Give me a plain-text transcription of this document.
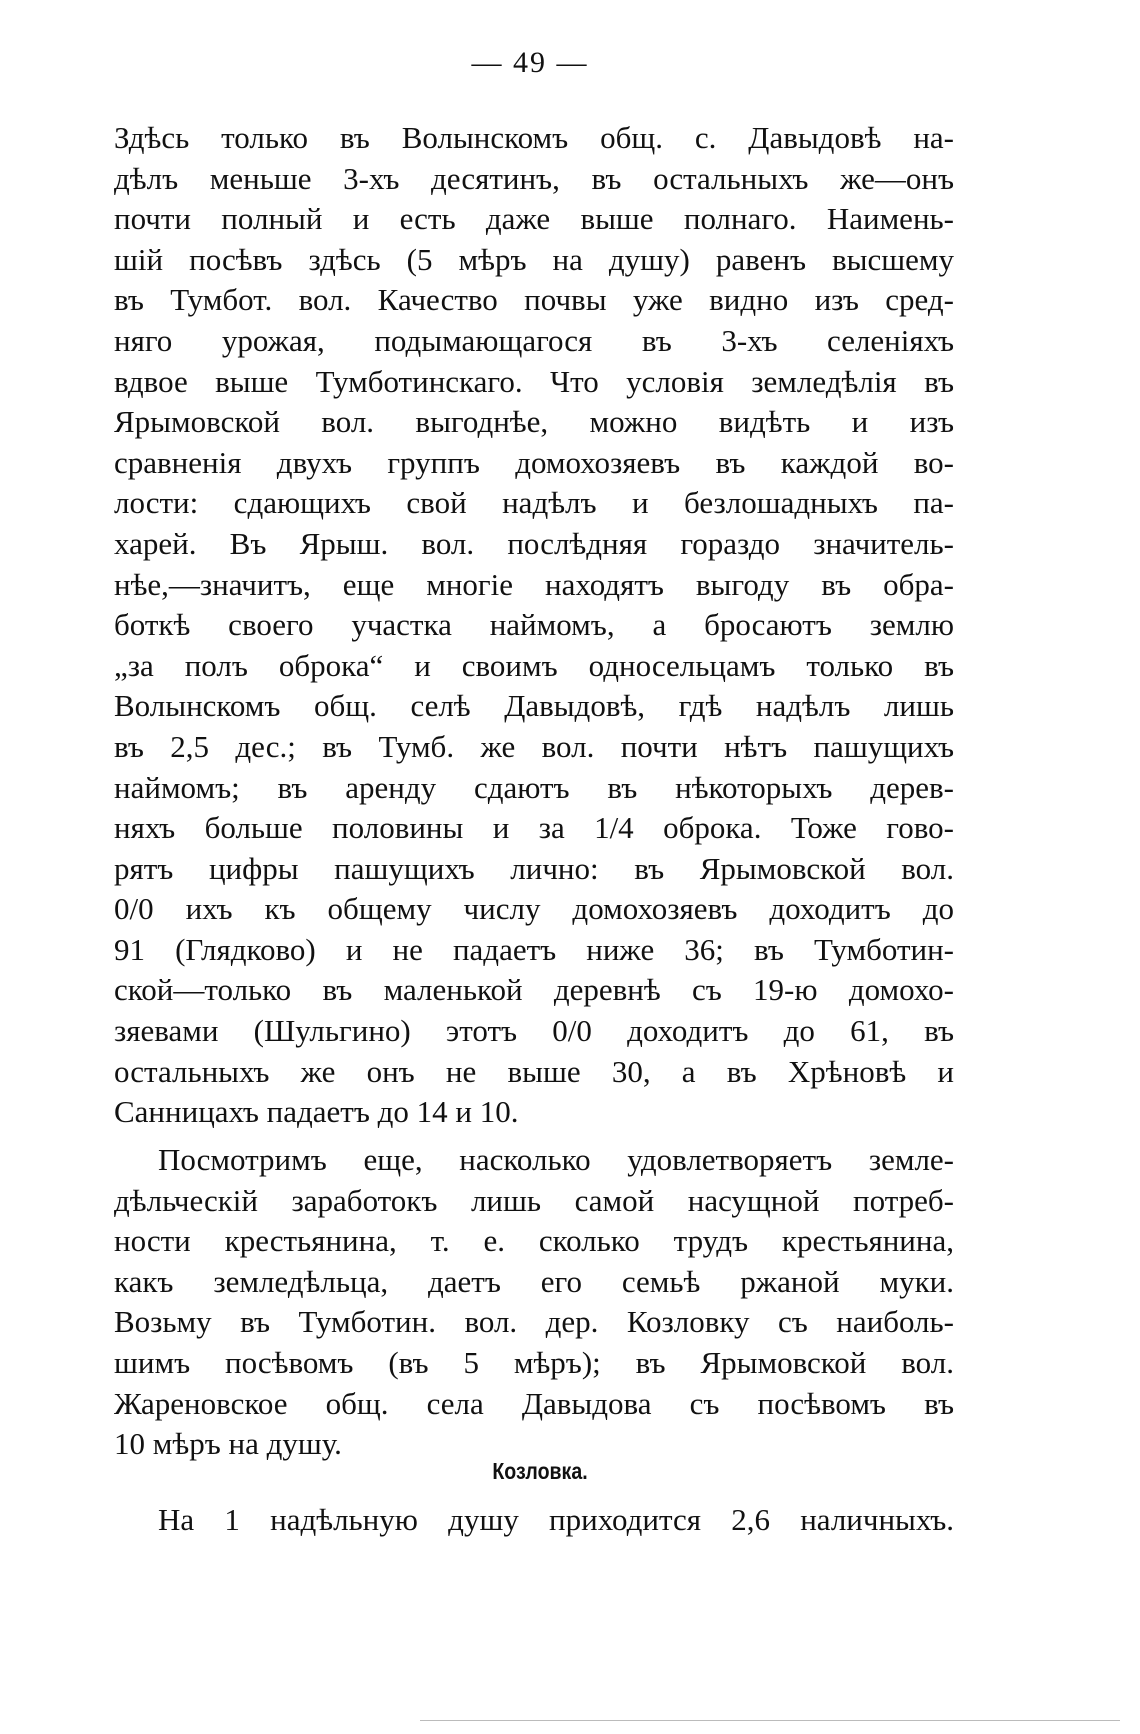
— 49 —
Здѣсь только въ Волынскомъ общ. с. Давыдовѣ на-
дѣлъ меньше 3-хъ десятинъ, въ остальныхъ же—онъ
почти полный и есть даже выше полнаго. Наимень-
шій посѣвъ здѣсь (5 мѣръ на душу) равенъ высшему
въ Тумбот. вол. Качество почвы уже видно изъ сред-
няго урожая, подымающагося въ 3-хъ селеніяхъ
вдвое выше Тумботинскаго. Что условія земледѣлія въ
Ярымовской вол. выгоднѣе, можно видѣть и изъ
сравненія двухъ группъ домохозяевъ въ каждой во-
лости: сдающихъ свой надѣлъ и безлошадныхъ па-
харей. Въ Ярыш. вол. послѣдняя гораздо значитель-
нѣе,—значитъ, еще многіе находятъ выгоду въ обра-
боткѣ своего участка наймомъ, а бросаютъ землю
„за полъ оброка“ и своимъ односельцамъ только въ
Волынскомъ общ. селѣ Давыдовѣ, гдѣ надѣлъ лишь
въ 2,5 дес.; въ Тумб. же вол. почти нѣтъ пашущихъ
наймомъ; въ аренду сдаютъ въ нѣкоторыхъ дерев-
няхъ больше половины и за 1/4 оброка. Тоже гово-
рятъ цифры пашущихъ лично: въ Ярымовской вол.
0/0 ихъ къ общему числу домохозяевъ доходитъ до
91 (Глядково) и не падаетъ ниже 36; въ Тумботин-
ской—только въ маленькой деревнѣ съ 19-ю домохо-
зяевами (Шульгино) этотъ 0/0 доходитъ до 61, въ
остальныхъ же онъ не выше 30, а въ Хрѣновѣ и
Санницахъ падаетъ до 14 и 10.
Посмотримъ еще, насколько удовлетворяетъ земле-
дѣльческій заработокъ лишь самой насущной потреб-
ности крестьянина, т. е. сколько трудъ крестьянина,
какъ земледѣльца, даетъ его семьѣ ржаной муки.
Возьму въ Тумботин. вол. дер. Козловку съ наиболь-
шимъ посѣвомъ (въ 5 мѣръ); въ Ярымовской вол.
Жареновское общ. села Давыдова съ посѣвомъ въ
10 мѣръ на душу.
Козловка.
На 1 надѣльную душу приходится 2,6 наличныхъ.
